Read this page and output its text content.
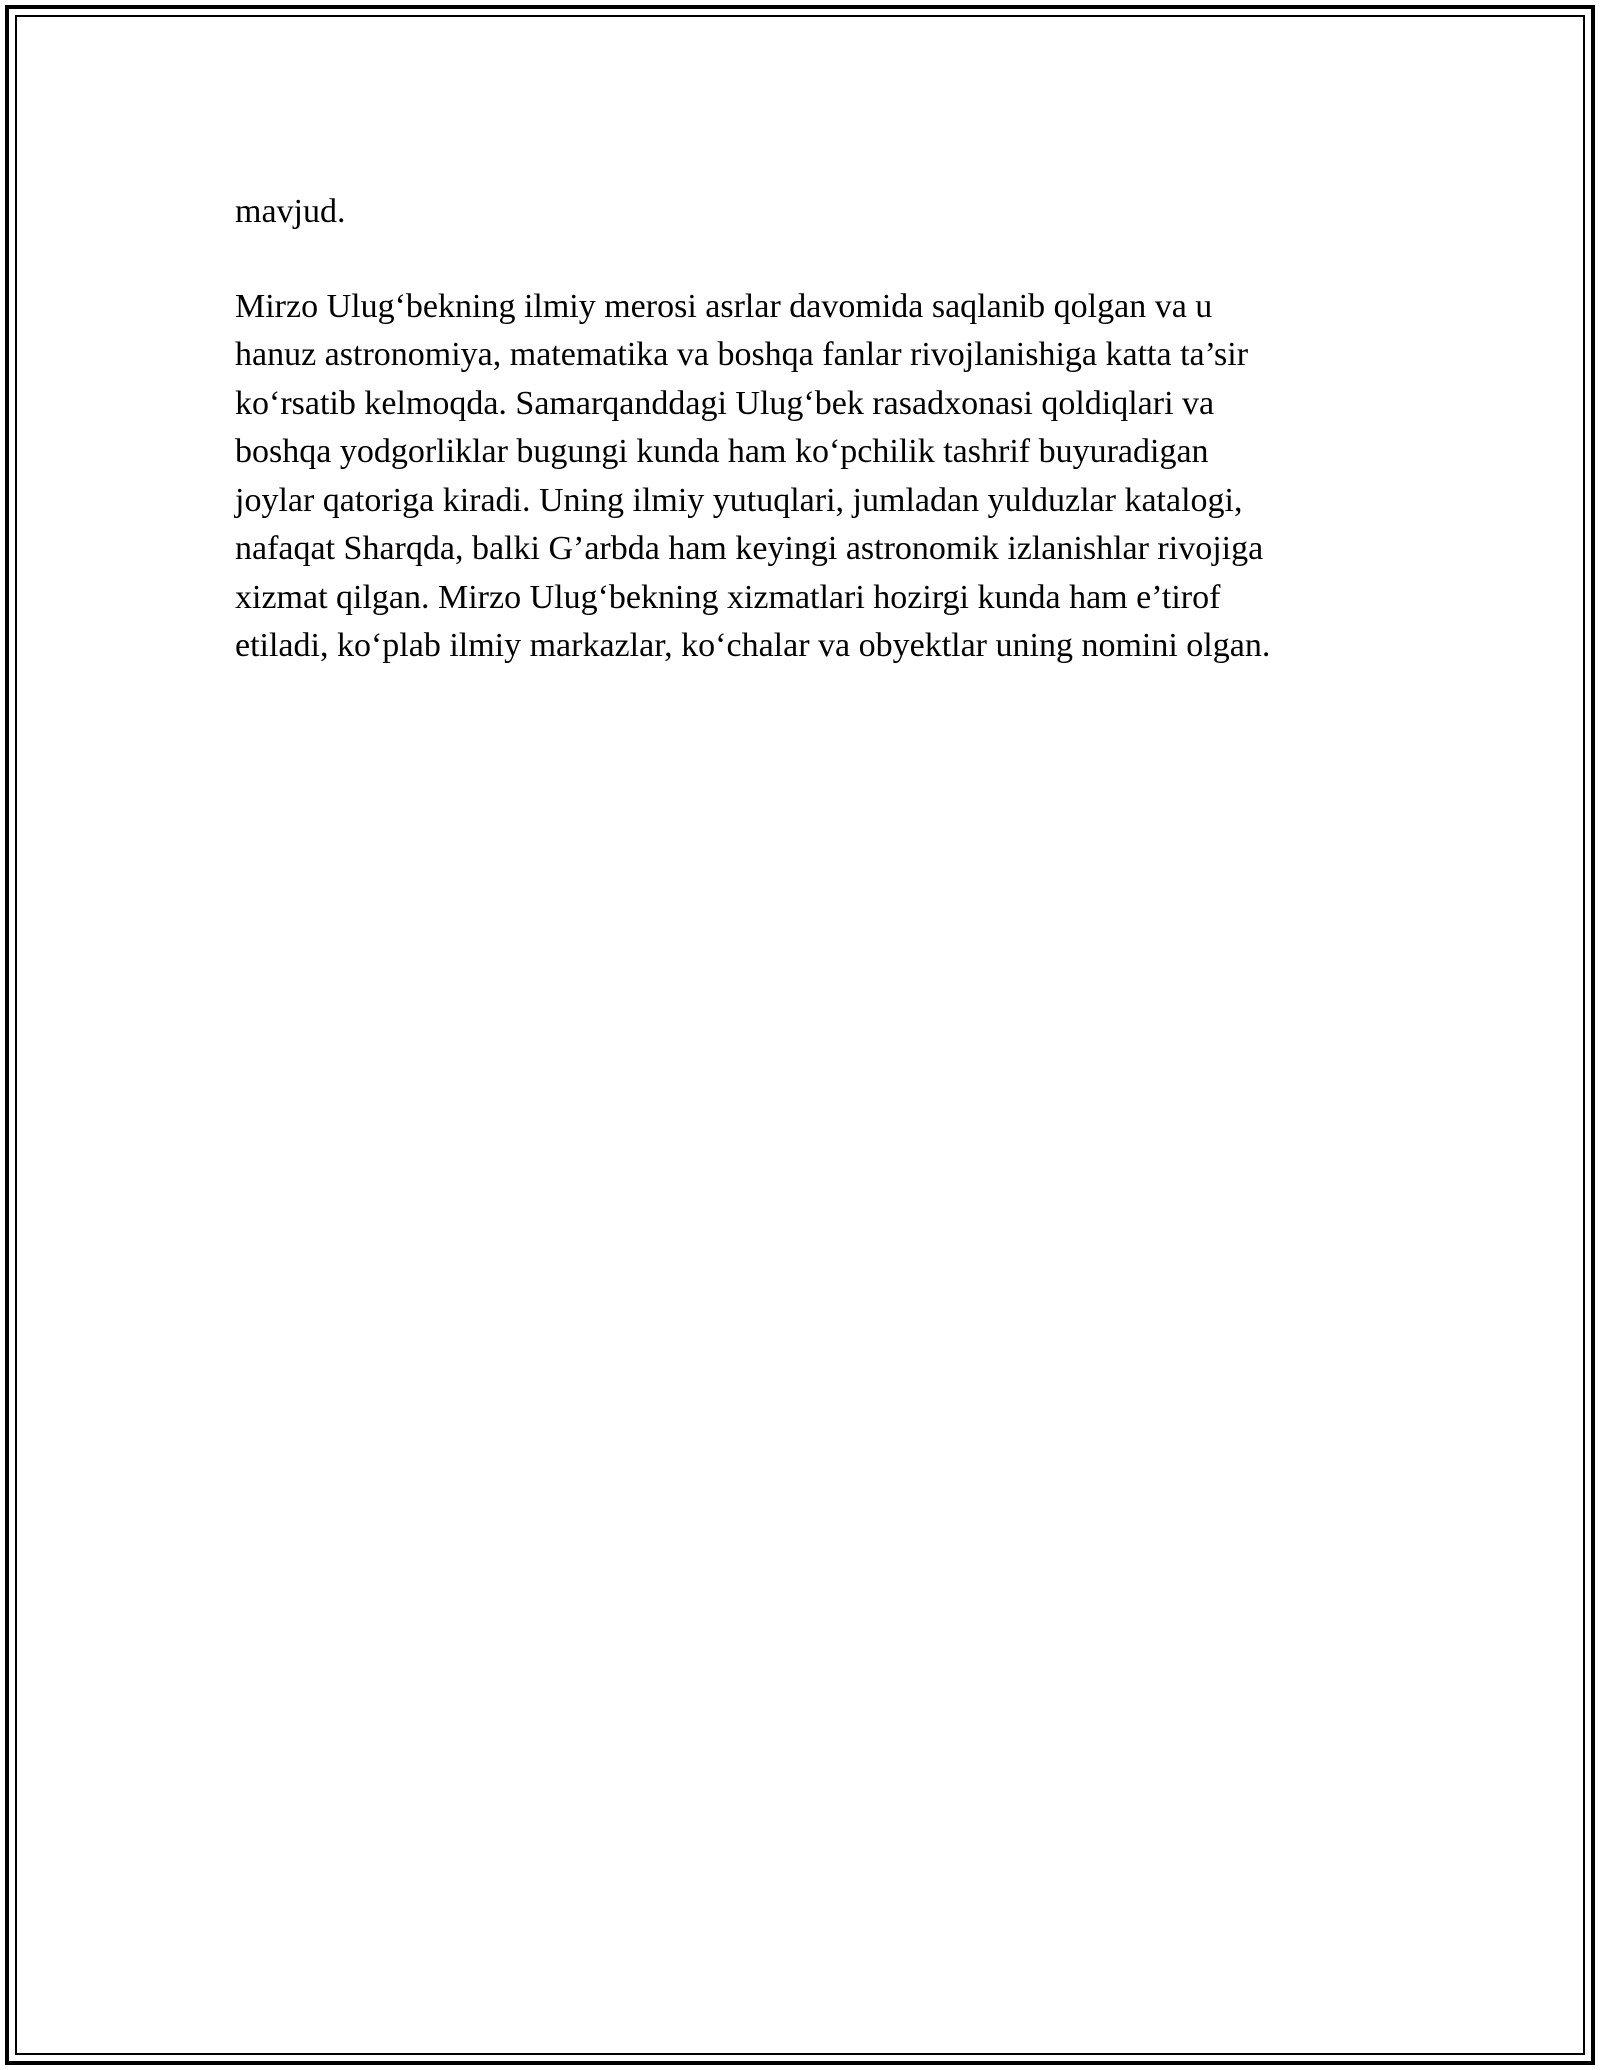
mavjud.

Mirzo Ulug‘bekning ilmiy merosi asrlar davomida saqlanib qolgan va u
hanuz astronomiya, matematika va boshqa fanlar rivojlanishiga katta ta’sir
ko‘rsatib kelmoqda. Samarqanddagi Ulug‘bek rasadxonasi qoldiqlari va
boshqa yodgorliklar bugungi kunda ham ko‘pchilik tashrif buyuradigan
joylar qatoriga kiradi. Uning ilmiy yutuqlari, jumladan yulduzlar katalogi,
nafaqat Sharqda, balki G’arbda ham keyingi astronomik izlanishlar rivojiga
xizmat qilgan. Mirzo Ulug‘bekning xizmatlari hozirgi kunda ham e’tirof
etiladi, ko‘plab ilmiy markazlar, ko‘chalar va obyektlar uning nomini olgan.
